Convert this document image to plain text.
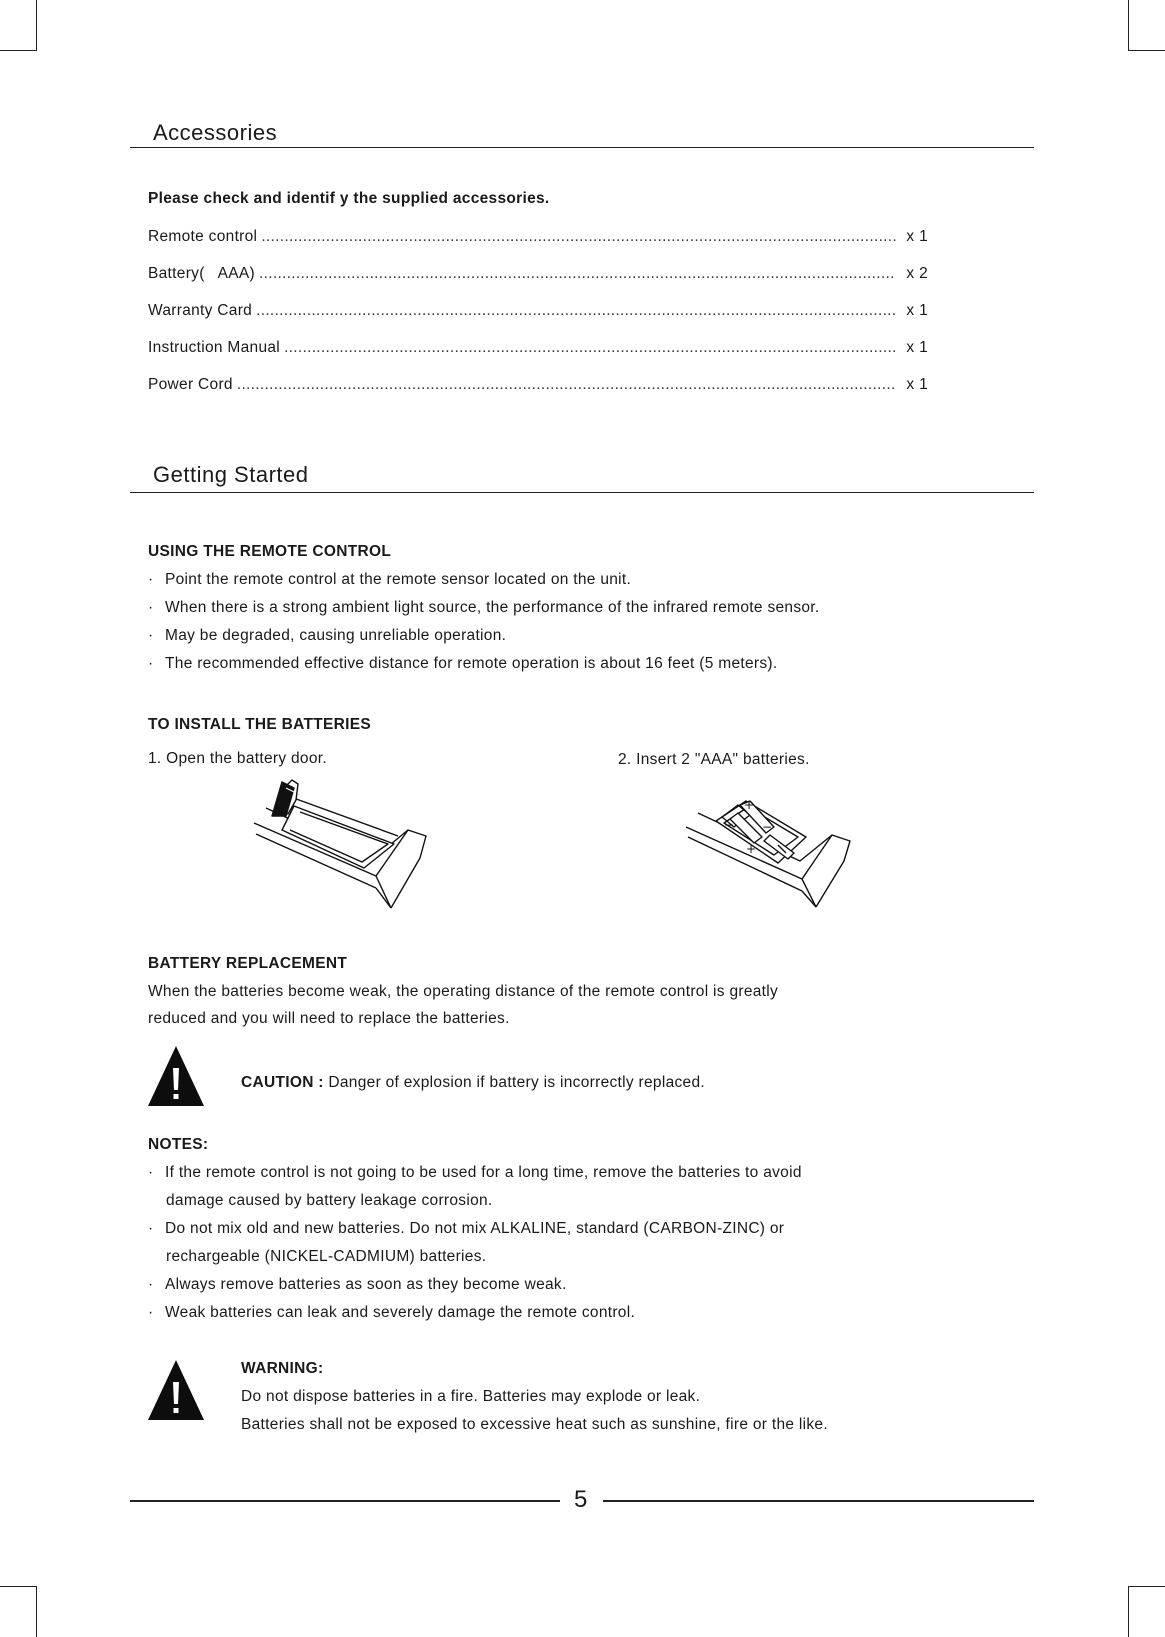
Accessories
Please check and identif y the supplied accessories.
Remote control .....	x 1
Battery(   AAA) .....	x 2
Warranty Card .....	x 1
Instruction Manual .....	x 1
Power Cord .....	x 1
Getting Started
USING THE REMOTE CONTROL
· Point the remote control at the remote sensor located on the unit.
· When there is a strong ambient light source, the performance of the infrared remote sensor.
· May be degraded, causing unreliable operation.
· The recommended effective distance for remote operation is about 16 feet (5 meters).
TO INSTALL THE BATTERIES
1. Open the battery door.	2. Insert 2 "AAA" batteries.
+
−
−
+
BATTERY REPLACEMENT
When the batteries become weak, the operating distance of the remote control is greatly
reduced and you will need to replace the batteries.
CAUTION : Danger of explosion if battery is incorrectly replaced.
NOTES:
· If the remote control is not going to be used for a long time, remove the batteries to avoid
damage caused by battery leakage corrosion.
· Do not mix old and new batteries. Do not mix ALKALINE, standard (CARBON-ZINC) or
rechargeable (NICKEL-CADMIUM) batteries.
· Always remove batteries as soon as they become weak.
· Weak batteries can leak and severely damage the remote control.
WARNING:
Do not dispose batteries in a fire. Batteries may explode or leak.
Batteries shall not be exposed to excessive heat such as sunshine, fire or the like.
5
